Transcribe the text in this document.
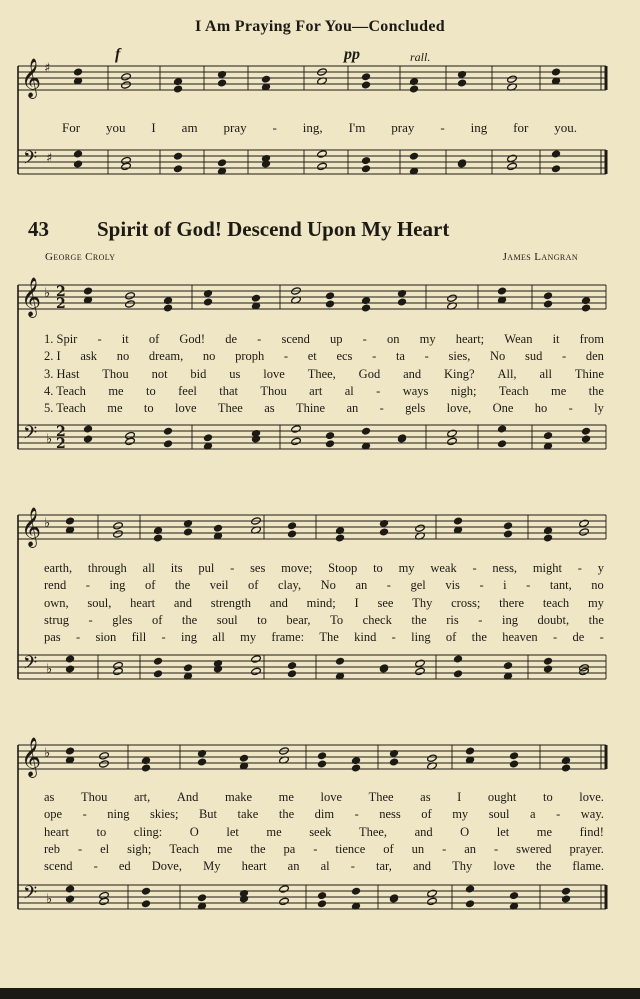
I Am Praying For You—Concluded
f	pp	rall.
𝄞
𝄢
♯
♯
𝄞
𝄢
♭
♭
2
2
2
2
𝄞
𝄢
♭
♭
𝄞
𝄢
♭
♭
For you I am pray - ing, I'm pray - ing for you.
43 Spirit of God! Descend Upon My Heart
George Croly	James Langran
1. Spir - it of God! de - scend up - on my heart; Wean it from
2. I ask no dream, no proph - et ecs - ta - sies, No sud - den
3. Hast Thou not bid us love Thee, God and King? All, all Thine
4. Teach me to feel that Thou art al - ways nigh; Teach me the
5. Teach me to love Thee as Thine an - gels love, One ho - ly
earth, through all its pul - ses move; Stoop to my weak - ness, might - y
rend - ing of the veil of clay, No an - gel vis - i - tant, no
own, soul, heart and strength and mind; I see Thy cross; there teach my
strug - gles of the soul to bear, To check the ris - ing doubt, the
pas - sion fill - ing all my frame: The kind - ling of the heaven - de -
as Thou art, And make me love Thee as I ought to love.
ope - ning skies; But take the dim - ness of my soul a - way.
heart to cling: O let me seek Thee, and O let me find!
reb - el sigh; Teach me the pa - tience of un - an - swered prayer.
scend - ed Dove, My heart an al - tar, and Thy love the flame.
